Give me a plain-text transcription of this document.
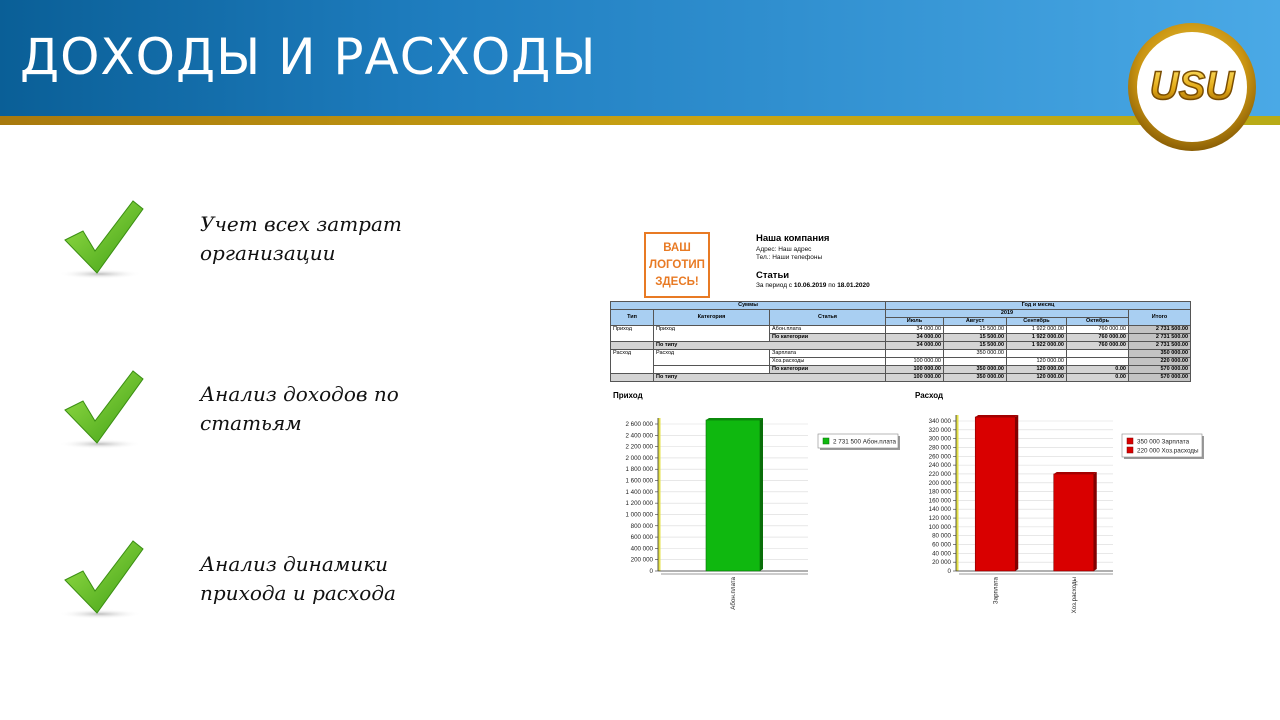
ДОХОДЫ И РАСХОДЫ	USU
Учет всех затрат
организации
Анализ доходов по
статьям
Анализ динамики
прихода и расхода
ВАШ
ЛОГОТИП
ЗДЕСЬ!
Наша компания
Адрес: Наш адрес
Тел.: Наши телефоны
Статьи
За период с 10.06.2019 по 18.01.2020
Суммы			Год и месяц				
Тип	Категория	Статья	2019				Итого
			Июль	Август	Сентябрь	Октябрь	
Приход	Приход	Абон.плата	34 000.00	15 500.00	1 922 000.00	760 000.00	2 731 500.00
		По категории	34 000.00	15 500.00	1 922 000.00	760 000.00	2 731 500.00
	По типу		34 000.00	15 500.00	1 922 000.00	760 000.00	2 731 500.00
Расход	Расход	Зарплата		350 000.00			350 000.00
		Хоз.расходы	100 000.00		120 000.00		220 000.00
		По категории	100 000.00	350 000.00	120 000.00	0.00	570 000.00
	По типу		100 000.00	350 000.00	120 000.00	0.00	570 000.00
Приход	Расход
2 600 000
2 400 000
2 200 000
2 000 000
1 800 000
1 600 000
1 400 000
1 200 000
1 000 000
800 000
600 000
400 000
200 000
0
Абон.плата
2 731 500 Абон.плата
340 000
320 000
300 000
280 000
260 000
240 000
220 000
200 000
180 000
160 000
140 000
120 000
100 000
80 000
60 000
40 000
20 000
0
Зарплата	Хоз.расходы
350 000 Зарплата
220 000 Хоз.расходы
